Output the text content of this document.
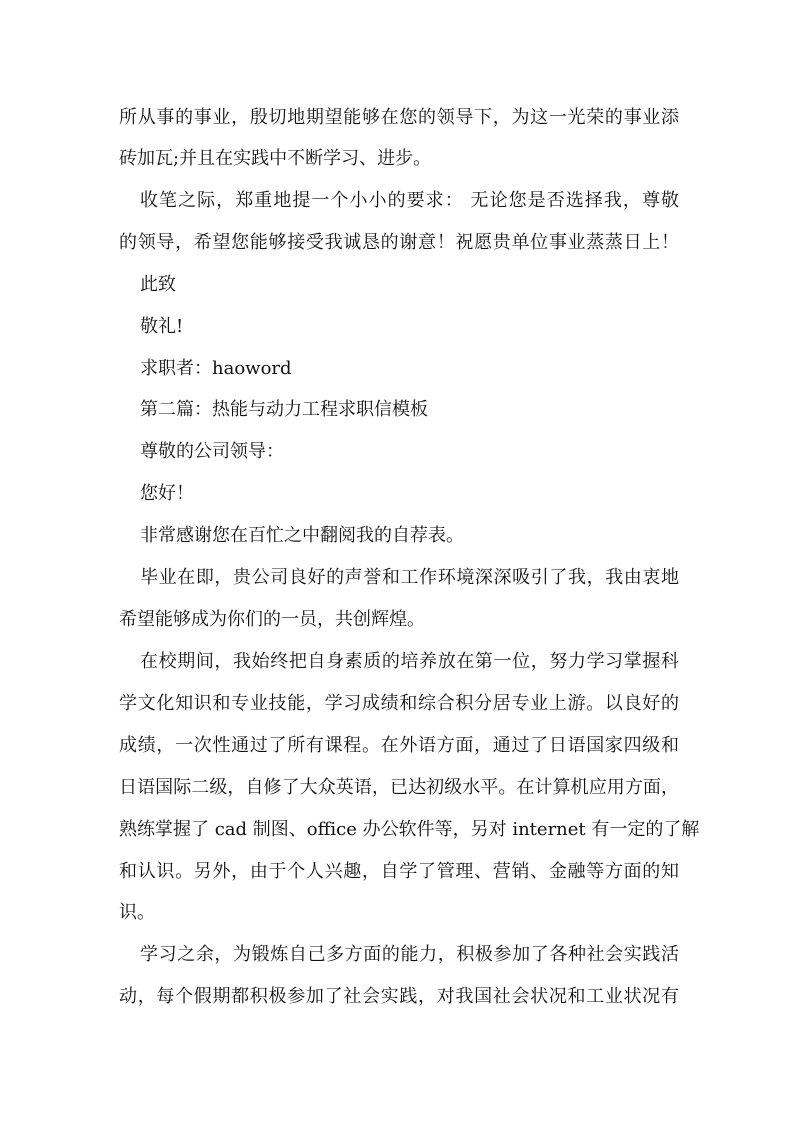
所从事的事业，殷切地期望能够在您的领导下，为这一光荣的事业添

砖加瓦;并且在实践中不断学习、进步。

收笔之际，郑重地提一个小小的要求： 无论您是否选择我，尊敬

的领导，希望您能够接受我诚恳的谢意！祝愿贵单位事业蒸蒸日上！

此致

敬礼!

求职者：haoword

第二篇：热能与动力工程求职信模板

尊敬的公司领导：

您好！

非常感谢您在百忙之中翻阅我的自荐表。

毕业在即，贵公司良好的声誉和工作环境深深吸引了我，我由衷地

希望能够成为你们的一员，共创辉煌。

在校期间，我始终把自身素质的培养放在第一位，努力学习掌握科

学文化知识和专业技能，学习成绩和综合积分居专业上游。以良好的

成绩，一次性通过了所有课程。在外语方面，通过了日语国家四级和

日语国际二级，自修了大众英语，已达初级水平。在计算机应用方面，

熟练掌握了 cad 制图、office 办公软件等，另对 internet 有一定的了解

和认识。另外，由于个人兴趣，自学了管理、营销、金融等方面的知

识。

学习之余，为锻炼自己多方面的能力，积极参加了各种社会实践活

动，每个假期都积极参加了社会实践，对我国社会状况和工业状况有
